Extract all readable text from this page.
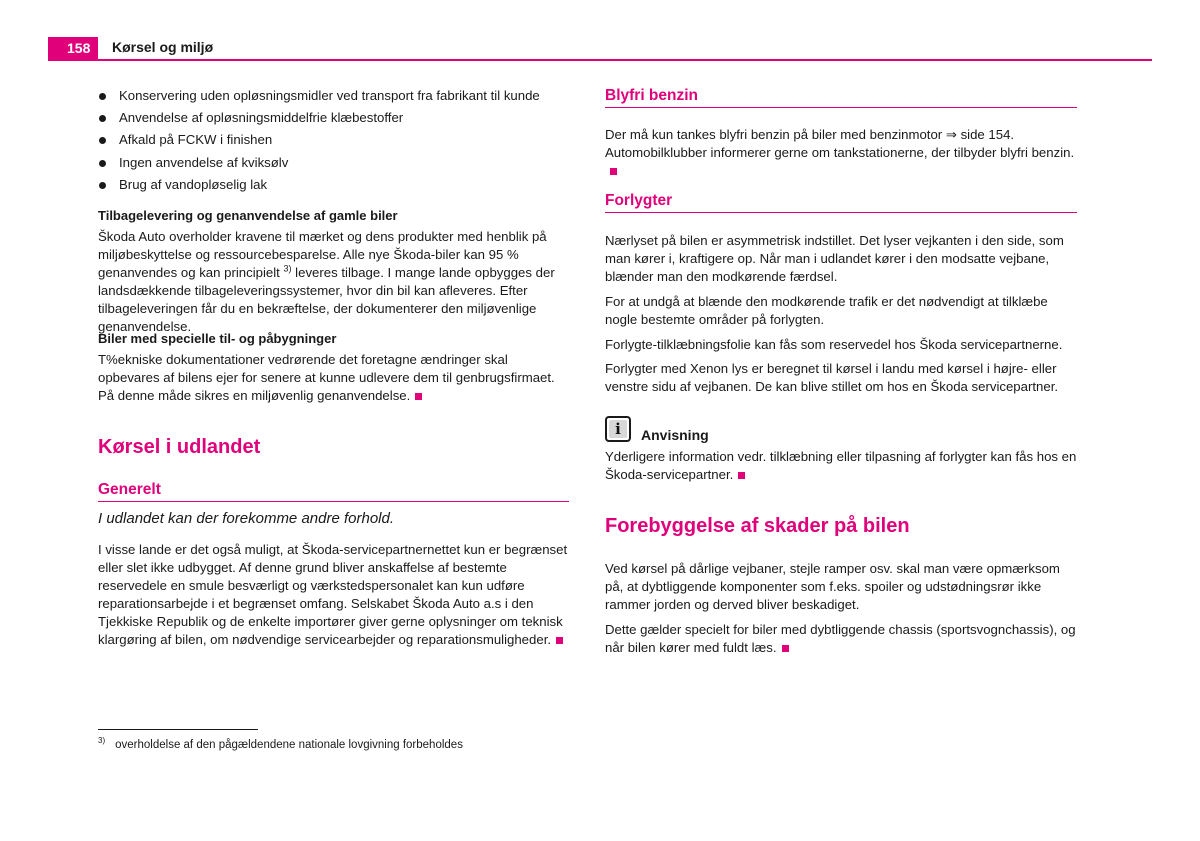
158	Kørsel og miljø
Konservering uden opløsningsmidler ved transport fra fabrikant til kunde
Anvendelse af opløsningsmiddelfrie klæbestoffer
Afkald på FCKW i finishen
Ingen anvendelse af kviksølv
Brug af vandopløselig lak
Tilbagelevering og genanvendelse af gamle biler

Škoda Auto overholder kravene til mærket og dens produkter med henblik på miljøbeskyttelse og ressourcebesparelse. Alle nye Škoda-biler kan 95 % genanvendes og kan principielt $^{3)}$ leveres tilbage. I mange lande opbygges der landsdækkende tilbageleveringssystemer, hvor din bil kan afleveres. Efter tilbageleveringen får du en bekræftelse, der dokumenterer den miljøvenlige genanvendelse.

Biler med specielle til- og påbygninger

T%ekniske dokumentationer vedrørende det foretagne ændringer skal opbevares af bilens ejer for senere at kunne udlevere dem til genbrugsfirmaet. På denne måde sikres en miljøvenlig genanvendelse.

Kørsel i udlandet
Generelt
I udlandet kan der forekomme andre forhold.

I visse lande er det også muligt, at Škoda-servicepartnernettet kun er begrænset eller slet ikke udbygget. Af denne grund bliver anskaffelse af bestemte reservedele en smule besværligt og værkstedspersonalet kan kun udføre reparationsarbejde i et begrænset omfang. Selskabet Škoda Auto a.s i den Tjekkiske Republik og de enkelte importører giver gerne oplysninger om teknisk klargøring af bilen, om nødvendige servicearbejder og reparationsmuligheder.

Blyfri benzin

Der må kun tankes blyfri benzin på biler med benzinmotor ⇒ side 154. Automobilklubber informerer gerne om tankstationerne, der tilbyder blyfri benzin.

Forlygter

Nærlyset på bilen er asymmetrisk indstillet. Det lyser vejkanten i den side, som man kører i, kraftigere op. Når man i udlandet kører i den modsatte vejbane, blænder man den modkørende færdsel.

For at undgå at blænde den modkørende trafik er det nødvendigt at tilklæbe nogle bestemte områder på forlygten.

Forlygte-tilklæbningsfolie kan fås som reservedel hos Škoda servicepartnerne.

Forlygter med Xenon lys er beregnet til kørsel i landu med kørsel i højre- eller venstre sidu af vejbanen. De kan blive stillet om hos en Škoda servicepartner.

i	Anvisning

Yderligere information vedr. tilklæbning eller tilpasning af forlygter kan fås hos en Škoda-servicepartner.

Forebyggelse af skader på bilen

Ved kørsel på dårlige vejbaner, stejle ramper osv. skal man være opmærksom på, at dybtliggende komponenter som f.eks. spoiler og udstødningsrør ikke rammer jorden og derved bliver beskadiget.

Dette gælder specielt for biler med dybtliggende chassis (sportsvognchassis), og når bilen kører med fuldt læs.

$^{3)}$ overholdelse af den pågældendene nationale lovgivning forbeholdes
